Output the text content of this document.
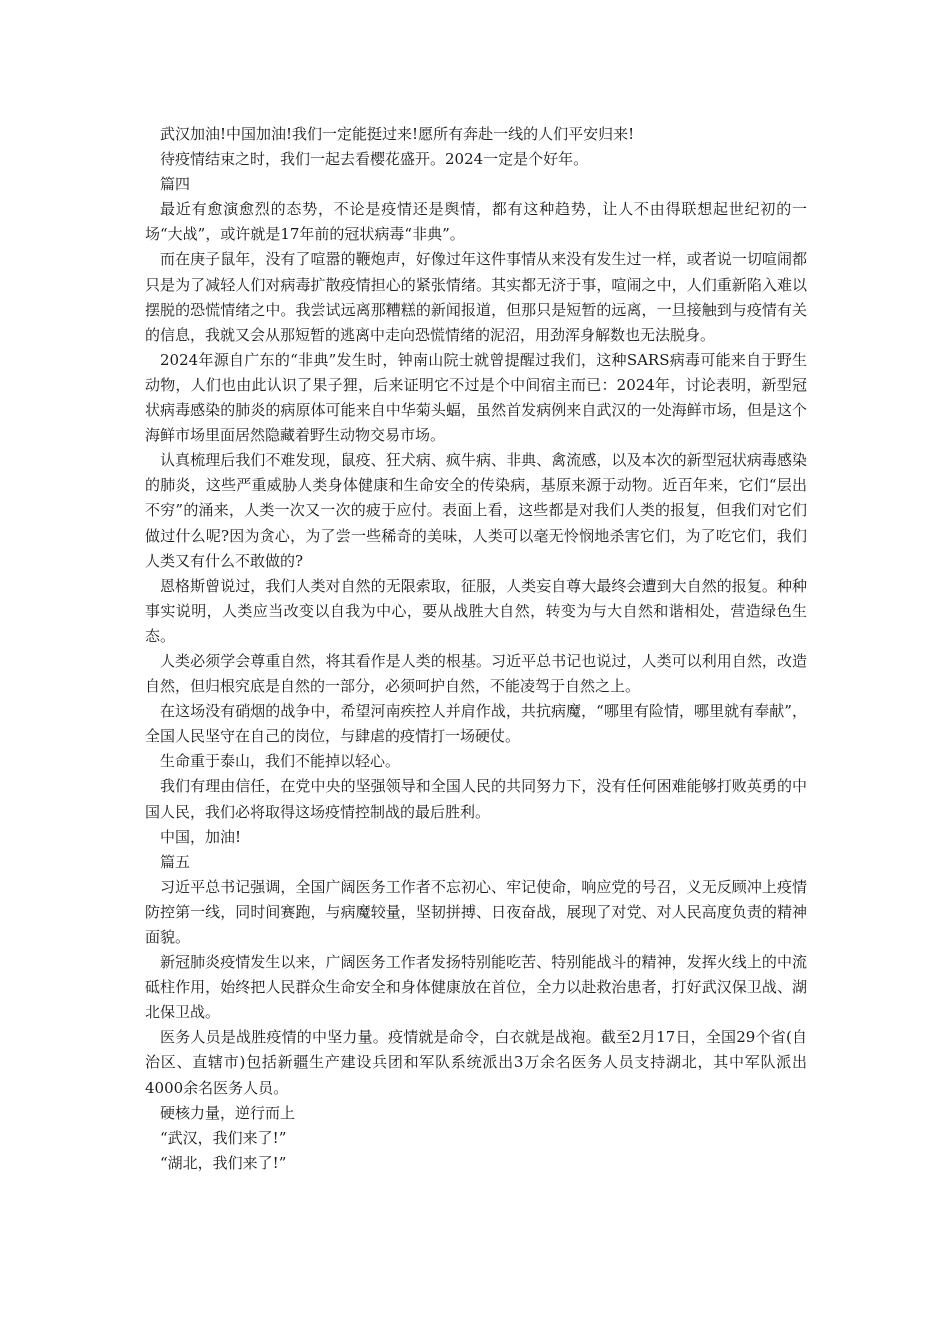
武汉加油!中国加油!我们一定能挺过来!愿所有奔赴一线的人们平安归来!

待疫情结束之时，我们一起去看樱花盛开。2024一定是个好年。

篇四

最近有愈演愈烈的态势，不论是疫情还是舆情，都有这种趋势，让人不由得联想起世纪初的一场“大战”，或许就是17年前的冠状病毒“非典”。

而在庚子鼠年，没有了喧嚣的鞭炮声，好像过年这件事情从来没有发生过一样，或者说一切喧闹都只是为了减轻人们对病毒扩散疫情担心的紧张情绪。其实都无济于事，喧闹之中，人们重新陷入难以摆脱的恐慌情绪之中。我尝试远离那糟糕的新闻报道，但那只是短暂的远离，一旦接触到与疫情有关的信息，我就又会从那短暂的逃离中走向恐慌情绪的泥沼，用劲浑身解数也无法脱身。

2024年源自广东的“非典”发生时，钟南山院士就曾提醒过我们，这种SARS病毒可能来自于野生动物，人们也由此认识了果子狸，后来证明它不过是个中间宿主而已：2024年，讨论表明，新型冠状病毒感染的肺炎的病原体可能来自中华菊头蝠，虽然首发病例来自武汉的一处海鲜市场，但是这个海鲜市场里面居然隐藏着野生动物交易市场。

认真梳理后我们不难发现，鼠疫、狂犬病、疯牛病、非典、禽流感，以及本次的新型冠状病毒感染的肺炎，这些严重威胁人类身体健康和生命安全的传染病，基原来源于动物。近百年来，它们“层出不穷”的涌来，人类一次又一次的疲于应付。表面上看，这些都是对我们人类的报复，但我们对它们做过什么呢?因为贪心，为了尝一些稀奇的美味，人类可以毫无怜悯地杀害它们，为了吃它们，我们人类又有什么不敢做的?

恩格斯曾说过，我们人类对自然的无限索取，征服，人类妄自尊大最终会遭到大自然的报复。种种事实说明，人类应当改变以自我为中心，要从战胜大自然，转变为与大自然和谐相处，营造绿色生态。

人类必须学会尊重自然，将其看作是人类的根基。习近平总书记也说过，人类可以利用自然，改造自然，但归根究底是自然的一部分，必须呵护自然，不能凌驾于自然之上。

在这场没有硝烟的战争中，希望河南疾控人并肩作战，共抗病魔，“哪里有险情，哪里就有奉献”，全国人民坚守在自己的岗位，与肆虐的疫情打一场硬仗。

生命重于泰山，我们不能掉以轻心。

我们有理由信任，在党中央的坚强领导和全国人民的共同努力下，没有任何困难能够打败英勇的中国人民，我们必将取得这场疫情控制战的最后胜利。

中国，加油!

篇五

习近平总书记强调，全国广阔医务工作者不忘初心、牢记使命，响应党的号召，义无反顾冲上疫情防控第一线，同时间赛跑，与病魔较量，坚韧拼搏、日夜奋战，展现了对党、对人民高度负责的精神面貌。

新冠肺炎疫情发生以来，广阔医务工作者发扬特别能吃苦、特别能战斗的精神，发挥火线上的中流砥柱作用，始终把人民群众生命安全和身体健康放在首位，全力以赴救治患者，打好武汉保卫战、湖北保卫战。

医务人员是战胜疫情的中坚力量。疫情就是命令，白衣就是战袍。截至2月17日，全国29个省(自治区、直辖市)包括新疆生产建设兵团和军队系统派出3万余名医务人员支持湖北，其中军队派出4000余名医务人员。

硬核力量，逆行而上

“武汉，我们来了!”

“湖北，我们来了!”
